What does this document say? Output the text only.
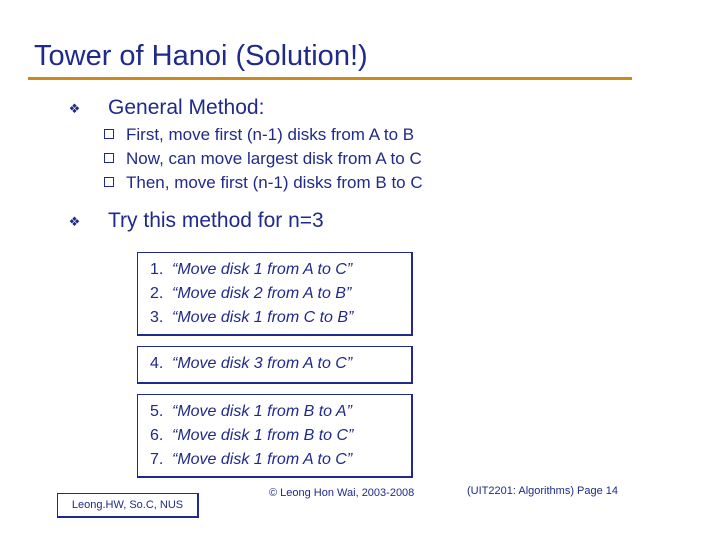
Tower of Hanoi (Solution!)
❖ General Method:
First, move first (n-1) disks from A to B
Now, can move largest disk from A to C
Then, move first (n-1) disks from B to C
❖ Try this method for n=3
1. “Move disk 1 from A to C”
2. “Move disk 2 from A to B”
3. “Move disk 1 from C to B”
4. “Move disk 3 from A to C”
5. “Move disk 1 from B to A”
6. “Move disk 1 from B to C”
7. “Move disk 1 from A to C”
Leong.HW, So.C, NUS
© Leong Hon Wai, 2003-2008	(UIT2201: Algorithms) Page 14
